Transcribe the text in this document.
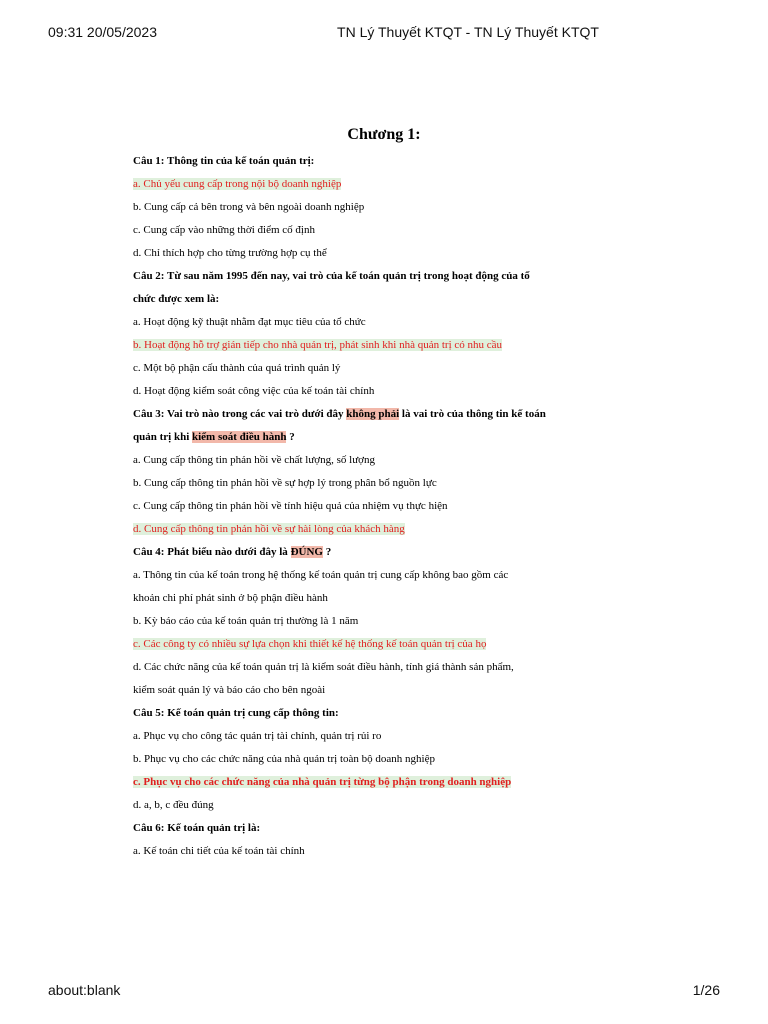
09:31 20/05/2023	TN Lý Thuyết KTQT - TN Lý Thuyết KTQT
Chương 1:
Câu 1: Thông tin của kế toán quản trị:
a. Chủ yếu cung cấp trong nội bộ doanh nghiệp
b. Cung cấp cả bên trong và bên ngoài doanh nghiệp
c. Cung cấp vào những thời điểm cố định
d. Chỉ thích hợp cho từng trường hợp cụ thể
Câu 2: Từ sau năm 1995 đến nay, vai trò của kế toán quản trị trong hoạt động của tổ
chức được xem là:
a. Hoạt động kỹ thuật nhằm đạt mục tiêu của tổ chức
b. Hoạt động hỗ trợ gián tiếp cho nhà quản trị, phát sinh khi nhà quản trị có nhu cầu
c. Một bộ phận cấu thành của quá trình quản lý
d. Hoạt động kiểm soát công việc của kế toán tài chính
Câu 3: Vai trò nào trong các vai trò dưới đây không phải là vai trò của thông tin kế toán
quản trị khi kiểm soát điều hành ?
a. Cung cấp thông tin phản hồi về chất lượng, số lượng
b. Cung cấp thông tin phản hồi về sự hợp lý trong phân bổ nguồn lực
c. Cung cấp thông tin phản hồi về tính hiệu quả của nhiệm vụ thực hiện
d. Cung cấp thông tin phản hồi về sự hài lòng của khách hàng
Câu 4: Phát biểu nào dưới đây là ĐÚNG ?
a. Thông tin của kế toán trong hệ thống kế toán quản trị cung cấp không bao gồm các
khoản chi phí phát sinh ở bộ phận điều hành
b. Kỳ báo cáo của kế toán quản trị thường là 1 năm
c. Các công ty có nhiều sự lựa chọn khi thiết kế hệ thống kế toán quản trị của họ
d. Các chức năng của kế toán quản trị là kiểm soát điều hành, tính giá thành sản phẩm,
kiểm soát quản lý và báo cáo cho bên ngoài
Câu 5: Kế toán quản trị cung cấp thông tin:
a. Phục vụ cho công tác quản trị tài chính, quản trị rủi ro
b. Phục vụ cho các chức năng của nhà quản trị toàn bộ doanh nghiệp
c. Phục vụ cho các chức năng của nhà quản trị từng bộ phận trong doanh nghiệp
d. a, b, c đều đúng
Câu 6: Kế toán quản trị là:
a. Kế toán chi tiết của kế toán tài chính
about:blank	1/26
